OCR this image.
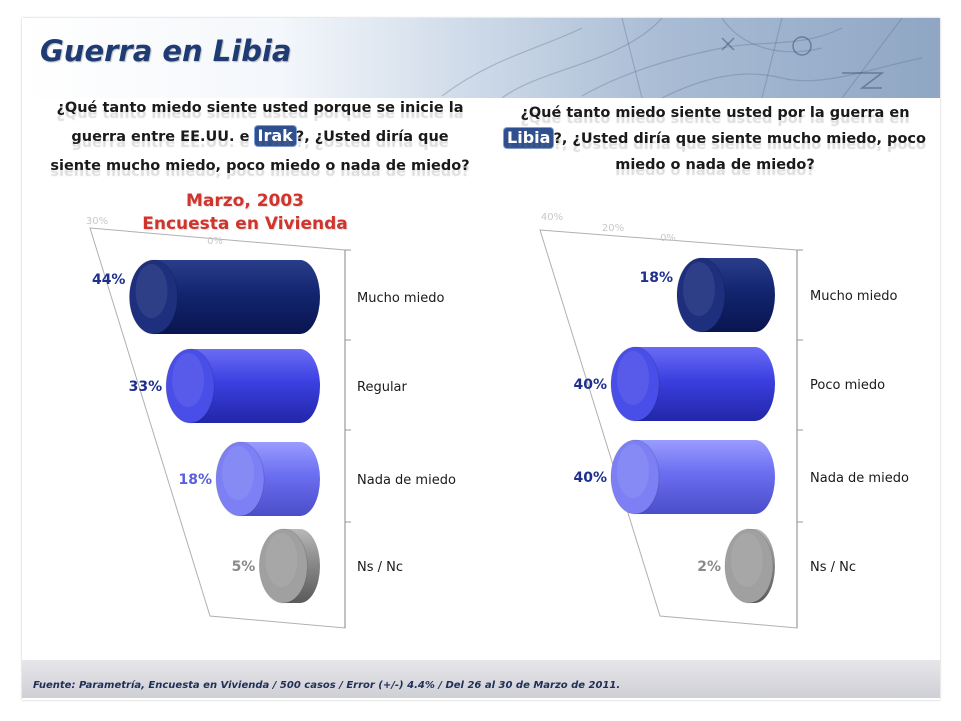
Guerra en Libia
¿Qué tanto miedo siente usted porque se inicie la guerra entre EE.UU. e Irak ?, ¿Usted diría que siente mucho miedo, poco miedo o nada de miedo?
Marzo, 2003
Encuesta en Vivienda
¿Qué tanto miedo siente usted por la guerra en Libia ?, ¿Usted diría que siente mucho miedo, poco miedo o nada de miedo?
30%
0%
44%
Mucho miedo
33%	Regular
18%	Nada de miedo
5%	Ns / Nc
40%
20%
0%
18%
Mucho miedo
40%	Poco miedo
40%	Nada de miedo
2%	Ns / Nc
Fuente: Parametría, Encuesta en Vivienda / 500 casos / Error (+/-) 4.4% / Del 26 al 30 de Marzo de 2011.
